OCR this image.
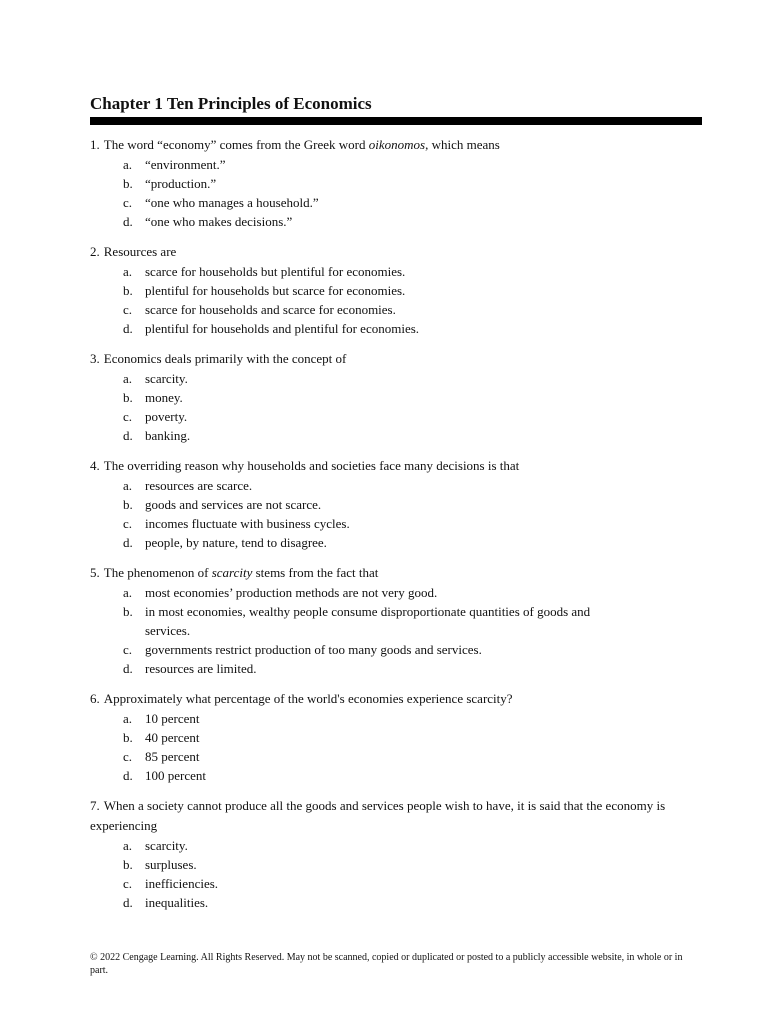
Chapter 1 Ten Principles of Economics

1. The word “economy” comes from the Greek word oikonomos, which means

a. “environment.”
b. “production.”
c. “one who manages a household.”
d. “one who makes decisions.”

2. Resources are

a. scarce for households but plentiful for economies.
b. plentiful for households but scarce for economies.
c. scarce for households and scarce for economies.
d. plentiful for households and plentiful for economies.

3. Economics deals primarily with the concept of

a. scarcity.
b. money.
c. poverty.
d. banking.

4. The overriding reason why households and societies face many decisions is that

a. resources are scarce.
b. goods and services are not scarce.
c. incomes fluctuate with business cycles.
d. people, by nature, tend to disagree.

5. The phenomenon of scarcity stems from the fact that

a. most economies’ production methods are not very good.
b. in most economies, wealthy people consume disproportionate quantities of goods and services.
c. governments restrict production of too many goods and services.
d. resources are limited.

6. Approximately what percentage of the world's economies experience scarcity?

a. 10 percent
b. 40 percent
c. 85 percent
d. 100 percent

7. When a society cannot produce all the goods and services people wish to have, it is said that the economy is experiencing

a. scarcity.
b. surpluses.
c. inefficiencies.
d. inequalities.
© 2022 Cengage Learning. All Rights Reserved. May not be scanned, copied or duplicated or posted to a publicly accessible website, in whole or in part.
